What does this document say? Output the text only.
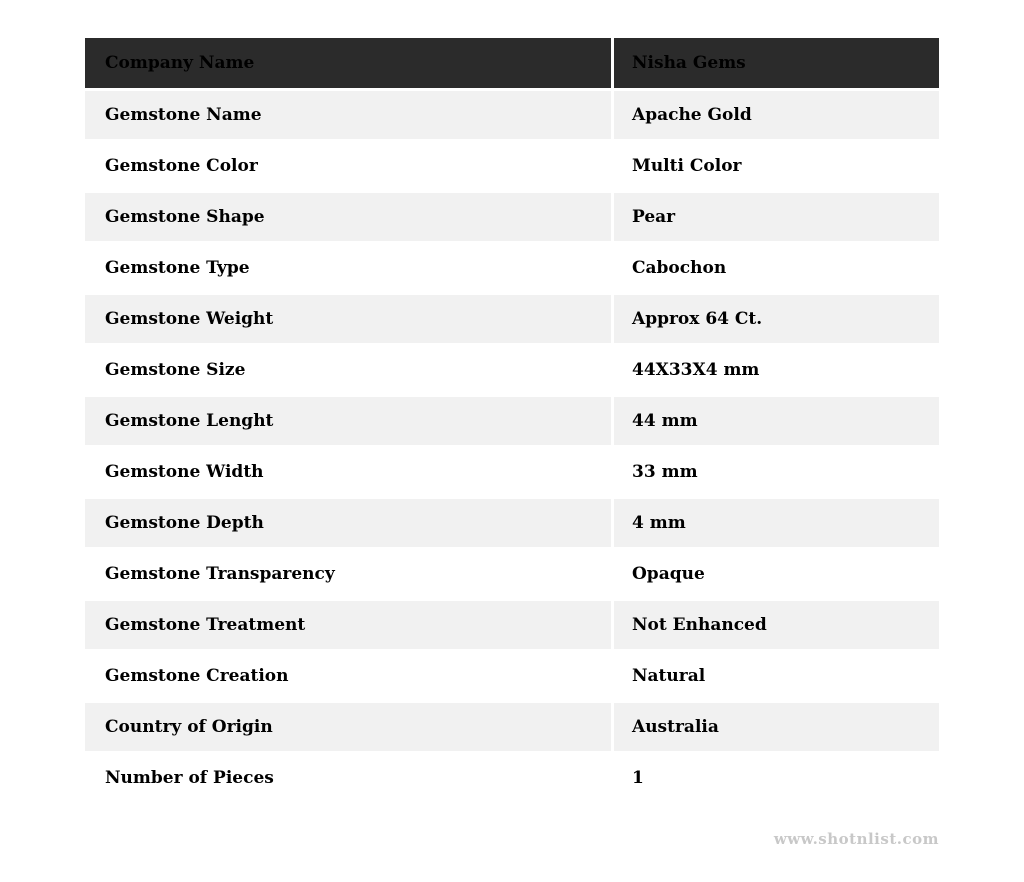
Company Name	Nisha Gems
Gemstone Name	Apache Gold
Gemstone Color	Multi Color
Gemstone Shape	Pear
Gemstone Type	Cabochon
Gemstone Weight	Approx 64 Ct.
Gemstone Size	44X33X4 mm
Gemstone Lenght	44 mm
Gemstone Width	33 mm
Gemstone Depth	4 mm
Gemstone Transparency	Opaque
Gemstone Treatment	Not Enhanced
Gemstone Creation	Natural
Country of Origin	Australia
Number of Pieces	1
www.shotnlist.com
